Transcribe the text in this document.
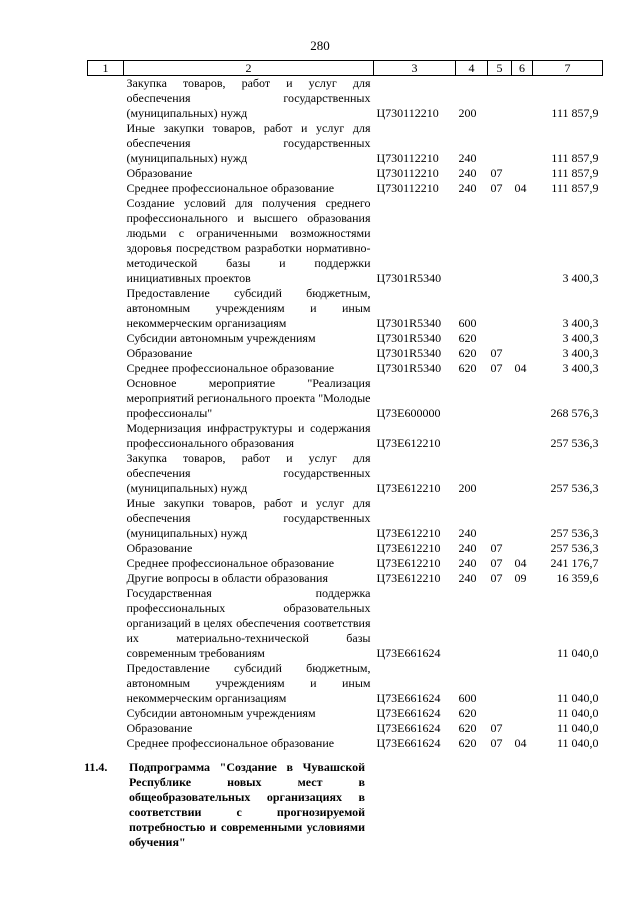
280
1	2	3	4	5	6	7
	Закупка товаров, работ и услуг для обеспечения государственных (муниципальных) нужд	Ц730112210	200			111 857,9
	Иные закупки товаров, работ и услуг для обеспечения государственных (муниципальных) нужд	Ц730112210	240			111 857,9
	Образование	Ц730112210	240	07		111 857,9
	Среднее профессиональное образование	Ц730112210	240	07	04	111 857,9
	Создание условий для получения среднего профессионального и высшего образования людьми с ограниченными возможностями здоровья посредством разработки нормативно-методической базы и поддержки инициативных проектов	Ц7301R5340				3 400,3
	Предоставление субсидий бюджетным, автономным учреждениям и иным некоммерческим организациям	Ц7301R5340	600			3 400,3
	Субсидии автономным учреждениям	Ц7301R5340	620			3 400,3
	Образование	Ц7301R5340	620	07		3 400,3
	Среднее профессиональное образование	Ц7301R5340	620	07	04	3 400,3
	Основное мероприятие "Реализация мероприятий регионального проекта "Молодые профессионалы"	Ц73Е600000				268 576,3
	Модернизация инфраструктуры и содержания профессионального образования	Ц73Е612210				257 536,3
	Закупка товаров, работ и услуг для обеспечения государственных (муниципальных) нужд	Ц73Е612210	200			257 536,3
	Иные закупки товаров, работ и услуг для обеспечения государственных (муниципальных) нужд	Ц73Е612210	240			257 536,3
	Образование	Ц73Е612210	240	07		257 536,3
	Среднее профессиональное образование	Ц73Е612210	240	07	04	241 176,7
	Другие вопросы в области образования	Ц73Е612210	240	07	09	16 359,6
	Государственная поддержка профессиональных образовательных организаций в целях обеспечения соответствия их материально-технической базы современным требованиям	Ц73Е661624				11 040,0
	Предоставление субсидий бюджетным, автономным учреждениям и иным некоммерческим организациям	Ц73Е661624	600			11 040,0
	Субсидии автономным учреждениям	Ц73Е661624	620			11 040,0
	Образование	Ц73Е661624	620	07		11 040,0
	Среднее профессиональное образование	Ц73Е661624	620	07	04	11 040,0
11.4. Подпрограмма "Создание в Чувашской Республике новых мест в общеобразовательных организациях в соответствии с прогнозируемой потребностью и современными условиями обучения"
